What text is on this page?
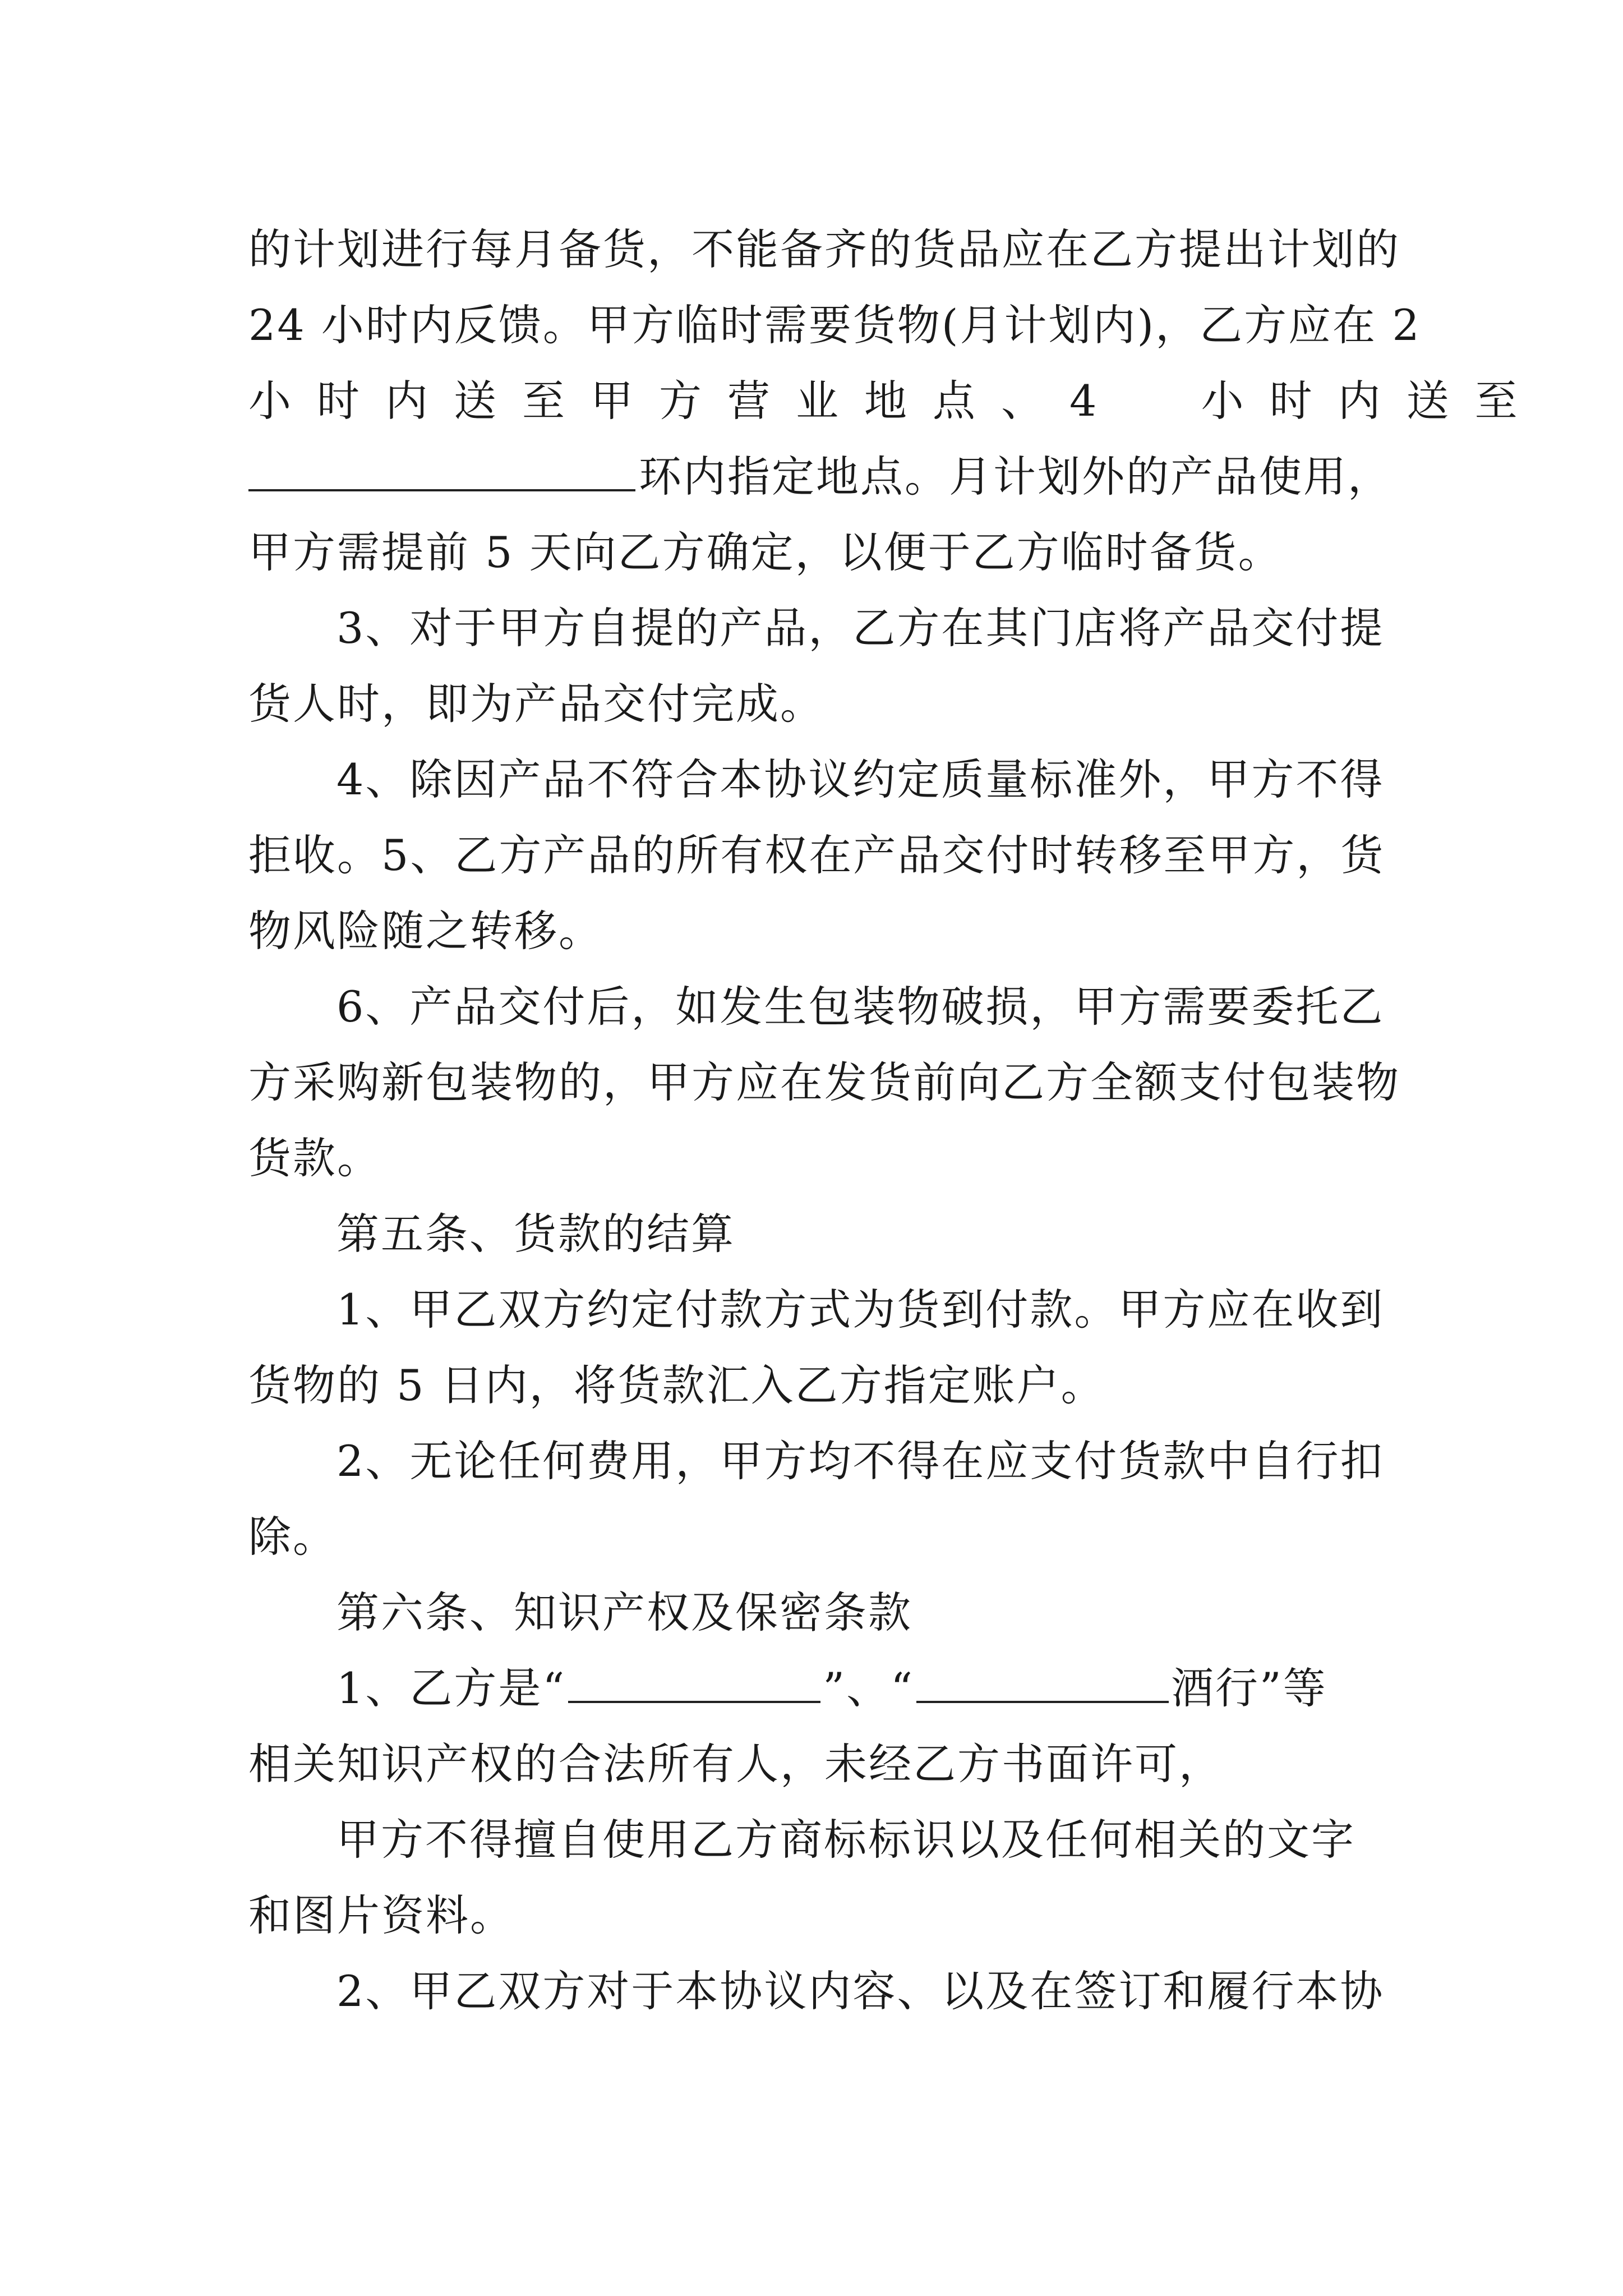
的计划进行每月备货，不能备齐的货品应在乙方提出计划的
24 小时内反馈。甲方临时需要货物(月计划内)，乙方应在 2
小时内送至甲方营业地点、4  小时内送至
环内指定地点。月计划外的产品使用，
甲方需提前 5 天向乙方确定，以便于乙方临时备货。
3、对于甲方自提的产品，乙方在其门店将产品交付提
货人时，即为产品交付完成。
4、除因产品不符合本协议约定质量标准外，甲方不得
拒收。5、乙方产品的所有权在产品交付时转移至甲方，货
物风险随之转移。
6、产品交付后，如发生包装物破损，甲方需要委托乙
方采购新包装物的，甲方应在发货前向乙方全额支付包装物
货款。
第五条、货款的结算
1、甲乙双方约定付款方式为货到付款。甲方应在收到
货物的 5 日内，将货款汇入乙方指定账户。
2、无论任何费用，甲方均不得在应支付货款中自行扣
除。
第六条、知识产权及保密条款
1、乙方是“	”、“	酒行”等
相关知识产权的合法所有人，未经乙方书面许可，
甲方不得擅自使用乙方商标标识以及任何相关的文字
和图片资料。
2、甲乙双方对于本协议内容、以及在签订和履行本协
